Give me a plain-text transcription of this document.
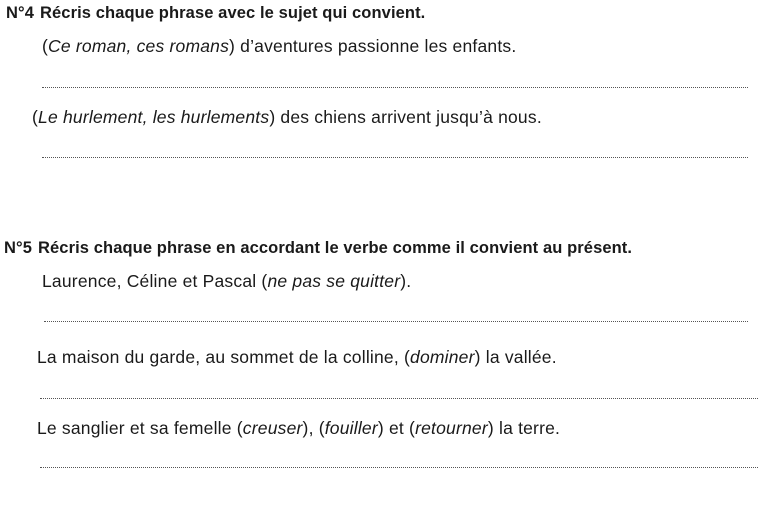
N°4 Récris chaque phrase avec le sujet qui convient.
(Ce roman, ces romans) d’aventures passionne les enfants.
(Le hurlement, les hurlements) des chiens arrivent jusqu’à nous.
N°5 Récris chaque phrase en accordant le verbe comme il convient au présent.
Laurence, Céline et Pascal (ne pas se quitter).
La maison du garde, au sommet de la colline, (dominer) la vallée.
Le sanglier et sa femelle (creuser), (fouiller) et (retourner) la terre.
